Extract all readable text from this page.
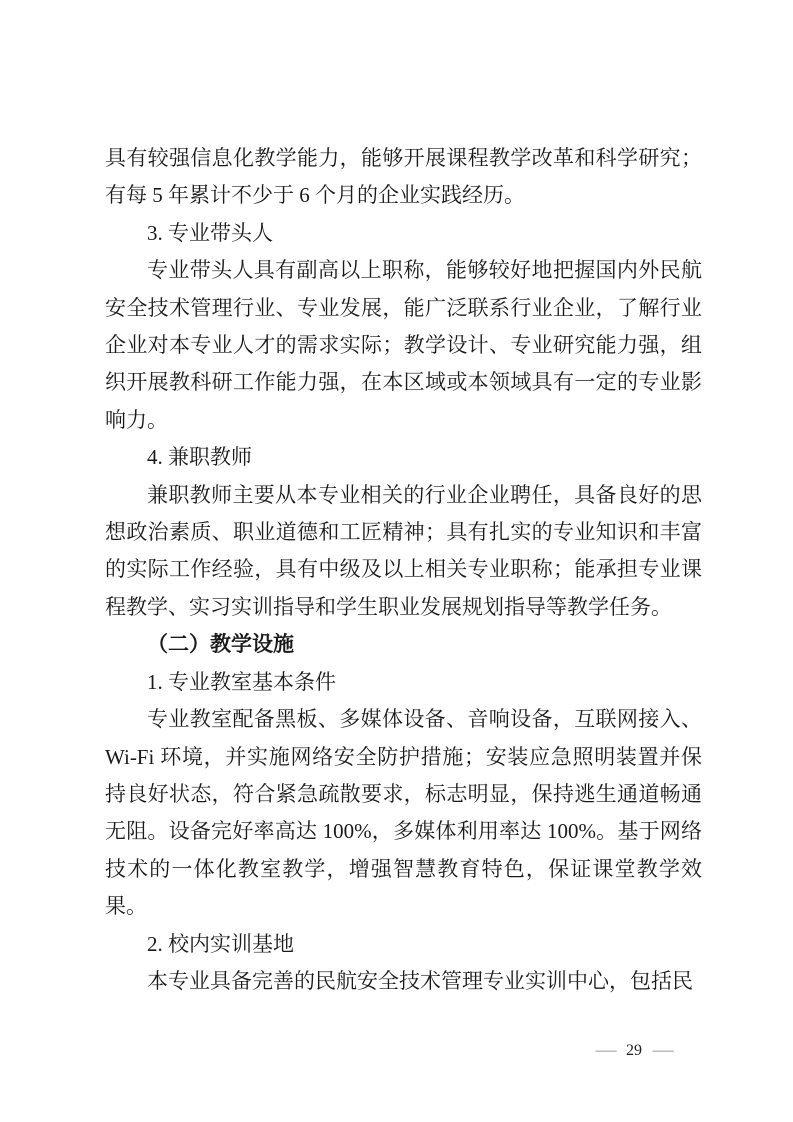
具有较强信息化教学能力，能够开展课程教学改革和科学研究；有每 5 年累计不少于 6 个月的企业实践经历。

3. 专业带头人

专业带头人具有副高以上职称，能够较好地把握国内外民航安全技术管理行业、专业发展，能广泛联系行业企业，了解行业企业对本专业人才的需求实际；教学设计、专业研究能力强，组织开展教科研工作能力强，在本区域或本领域具有一定的专业影响力。

4. 兼职教师

兼职教师主要从本专业相关的行业企业聘任，具备良好的思想政治素质、职业道德和工匠精神；具有扎实的专业知识和丰富的实际工作经验，具有中级及以上相关专业职称；能承担专业课程教学、实习实训指导和学生职业发展规划指导等教学任务。

（二）教学设施

1. 专业教室基本条件

专业教室配备黑板、多媒体设备、音响设备，互联网接入、Wi-Fi 环境，并实施网络安全防护措施；安装应急照明装置并保持良好状态，符合紧急疏散要求，标志明显，保持逃生通道畅通无阻。设备完好率高达 100%，多媒体利用率达 100%。基于网络技术的一体化教室教学，增强智慧教育特色，保证课堂教学效果。

2. 校内实训基地

本专业具备完善的民航安全技术管理专业实训中心，包括民

— 29 —
